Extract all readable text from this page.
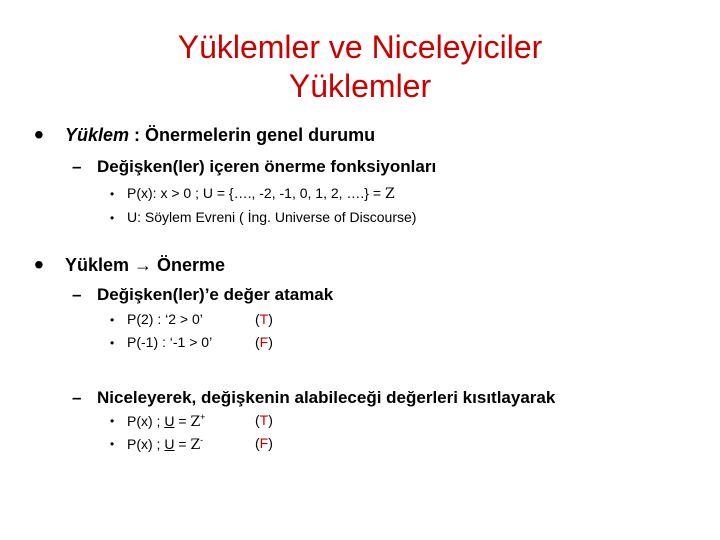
Yüklemler ve Niceleyiciler
Yüklemler
• Yüklem : Önermelerin genel durumu
– Değişken(ler) içeren önerme fonksiyonları
• P(x): x > 0 ; U = {…., -2, -1, 0, 1, 2, ….} = Z
• U: Söylem Evreni ( İng. Universe of Discourse)
• Yüklem → Önerme
– Değişken(ler)’e değer atamak
• P(2) : ‘2 > 0’	(T)
• P(-1) : ‘-1 > 0’	(F)
– Niceleyerek, değişkenin alabileceği değerleri kısıtlayarak
• P(x) ; U = Z+	(T)
• P(x) ; U = Z-	(F)
